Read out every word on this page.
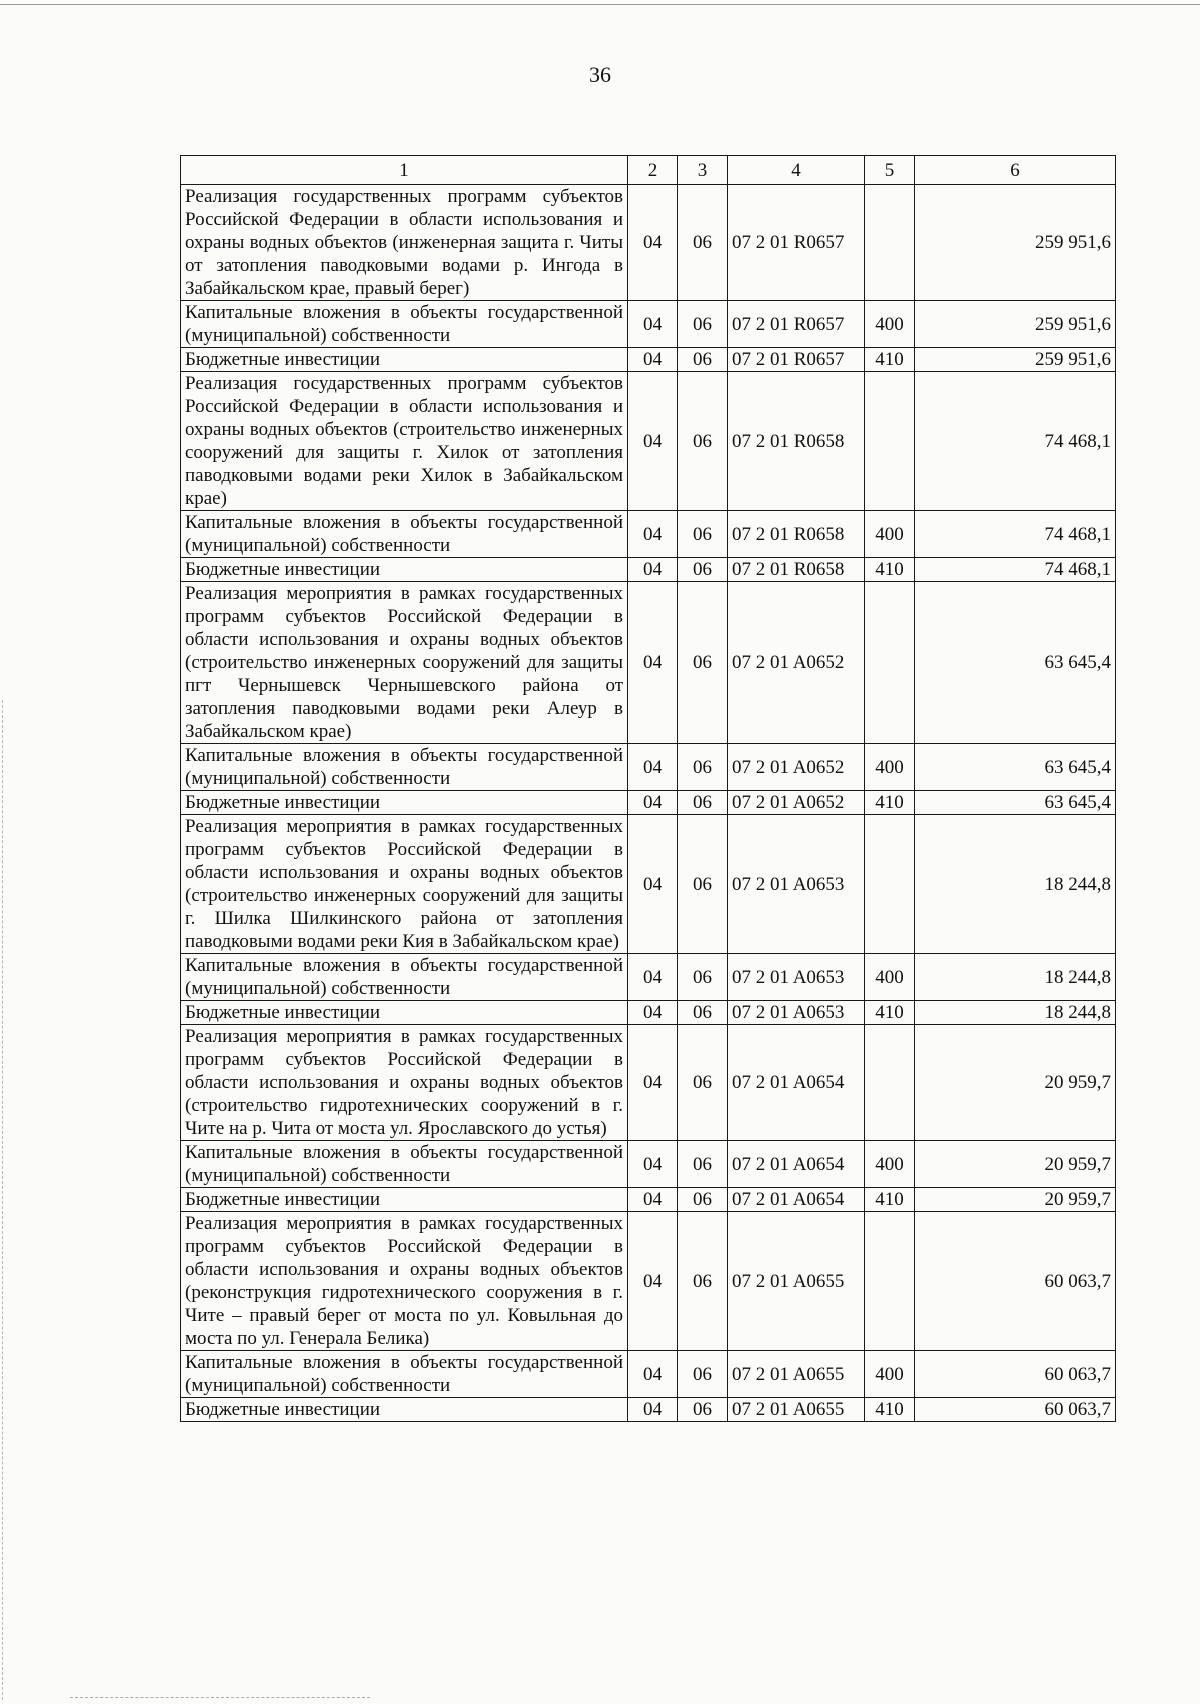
36
1	2	3	4	5	6
Реализация государственных программ субъектов Российской Федерации в области использования и охраны водных объектов (инженерная защита г. Читы от затопления паводковыми водами р. Ингода в Забайкальском крае, правый берег)	04	06	07 2 01 R0657		259 951,6
Капитальные вложения в объекты государственной (муниципальной) собственности	04	06	07 2 01 R0657	400	259 951,6
Бюджетные инвестиции	04	06	07 2 01 R0657	410	259 951,6
Реализация государственных программ субъектов Российской Федерации в области использования и охраны водных объектов (строительство инженерных сооружений для защиты г. Хилок от затопления паводковыми водами реки Хилок в Забайкальском крае)	04	06	07 2 01 R0658		74 468,1
Капитальные вложения в объекты государственной (муниципальной) собственности	04	06	07 2 01 R0658	400	74 468,1
Бюджетные инвестиции	04	06	07 2 01 R0658	410	74 468,1
Реализация мероприятия в рамках государственных программ субъектов Российской Федерации в области использования и охраны водных объектов (строительство инженерных сооружений для защиты пгт Чернышевск Чернышевского района от затопления паводковыми водами реки Алеур в Забайкальском крае)	04	06	07 2 01 A0652		63 645,4
Капитальные вложения в объекты государственной (муниципальной) собственности	04	06	07 2 01 A0652	400	63 645,4
Бюджетные инвестиции	04	06	07 2 01 A0652	410	63 645,4
Реализация мероприятия в рамках государственных программ субъектов Российской Федерации в области использования и охраны водных объектов (строительство инженерных сооружений для защиты г. Шилка Шилкинского района от затопления паводковыми водами реки Кия в Забайкальском крае)	04	06	07 2 01 A0653		18 244,8
Капитальные вложения в объекты государственной (муниципальной) собственности	04	06	07 2 01 A0653	400	18 244,8
Бюджетные инвестиции	04	06	07 2 01 A0653	410	18 244,8
Реализация мероприятия в рамках государственных программ субъектов Российской Федерации в области использования и охраны водных объектов (строительство гидротехнических сооружений в г. Чите на р. Чита от моста ул. Ярославского до устья)	04	06	07 2 01 A0654		20 959,7
Капитальные вложения в объекты государственной (муниципальной) собственности	04	06	07 2 01 A0654	400	20 959,7
Бюджетные инвестиции	04	06	07 2 01 A0654	410	20 959,7
Реализация мероприятия в рамках государственных программ субъектов Российской Федерации в области использования и охраны водных объектов (реконструкция гидротехнического сооружения в г. Чите – правый берег от моста по ул. Ковыльная до моста по ул. Генерала Белика)	04	06	07 2 01 A0655		60 063,7
Капитальные вложения в объекты государственной (муниципальной) собственности	04	06	07 2 01 A0655	400	60 063,7
Бюджетные инвестиции	04	06	07 2 01 A0655	410	60 063,7
